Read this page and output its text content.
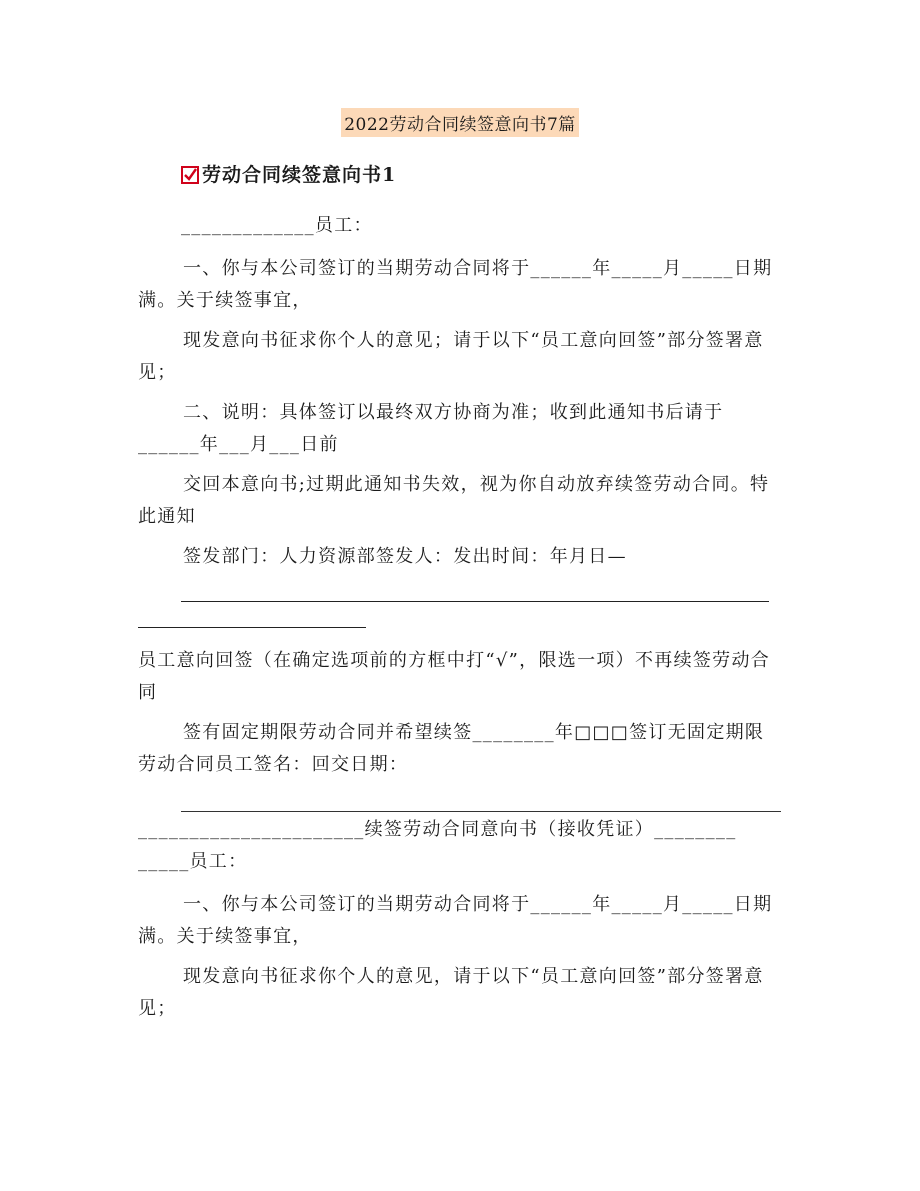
2022劳动合同续签意向书7篇
劳动合同续签意向书1
_____________员工：
一、你与本公司签订的当期劳动合同将于______年_____月_____日期满。关于续签事宜，
现发意向书征求你个人的意见；请于以下“员工意向回签”部分签署意见；
二、说明：具体签订以最终双方协商为准；收到此通知书后请于______年___月___日前
交回本意向书;过期此通知书失效，视为你自动放弃续签劳动合同。特此通知
签发部门：人力资源部签发人：发出时间：年月日—
员工意向回签（在确定选项前的方框中打“√”，限选一项）不再续签劳动合同
签有固定期限劳动合同并希望续签________年□□□签订无固定期限劳动合同员工签名：回交日期：
______________________续签劳动合同意向书（接收凭证）________
_____员工：
一、你与本公司签订的当期劳动合同将于______年_____月_____日期满。关于续签事宜，
现发意向书征求你个人的意见，请于以下“员工意向回签”部分签署意见；
